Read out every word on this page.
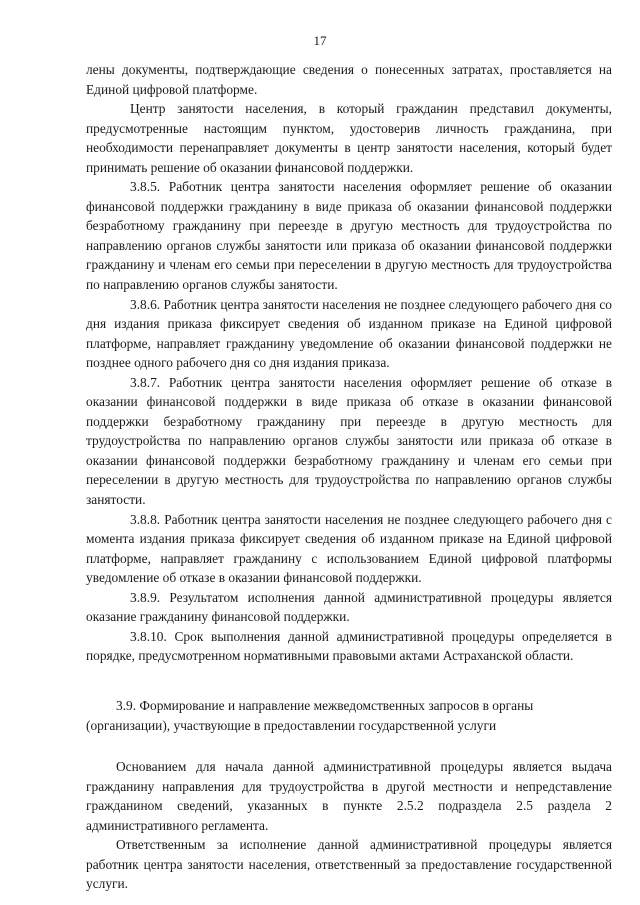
17

лены документы, подтверждающие сведения о понесенных затратах, проставляется на Единой цифровой платформе.

Центр занятости населения, в который гражданин представил документы, предусмотренные настоящим пунктом, удостоверив личность гражданина, при необходимости перенаправляет документы в центр занятости населения, который будет принимать решение об оказании финансовой поддержки.

3.8.5. Работник центра занятости населения оформляет решение об оказании финансовой поддержки гражданину в виде приказа об оказании финансовой поддержки безработному гражданину при переезде в другую местность для трудоустройства по направлению органов службы занятости или приказа об оказании финансовой поддержки гражданину и членам его семьи при переселении в другую местность для трудоустройства по направлению органов службы занятости.

3.8.6. Работник центра занятости населения не позднее следующего рабочего дня со дня издания приказа фиксирует сведения об изданном приказе на Единой цифровой платформе, направляет гражданину уведомление об оказании финансовой поддержки не позднее одного рабочего дня со дня издания приказа.

3.8.7. Работник центра занятости населения оформляет решение об отказе в оказании финансовой поддержки в виде приказа об отказе в оказании финансовой поддержки безработному гражданину при переезде в другую местность для трудоустройства по направлению органов службы занятости или приказа об отказе в оказании финансовой поддержки безработному гражданину и членам его семьи при переселении в другую местность для трудоустройства по направлению органов службы занятости.

3.8.8. Работник центра занятости населения не позднее следующего рабочего дня с момента издания приказа фиксирует сведения об изданном приказе на Единой цифровой платформе, направляет гражданину с использованием Единой цифровой платформы уведомление об отказе в оказании финансовой поддержки.

3.8.9. Результатом исполнения данной административной процедуры является оказание гражданину финансовой поддержки.

3.8.10. Срок выполнения данной административной процедуры определяется в порядке, предусмотренном нормативными правовыми актами Астраханской области.

3.9. Формирование и направление межведомственных запросов в органы (организации), участвующие в предоставлении государственной услуги

Основанием для начала данной административной процедуры является выдача гражданину направления для трудоустройства в другой местности и непредставление гражданином сведений, указанных в пункте 2.5.2 подраздела 2.5 раздела 2 административного регламента.

Ответственным за исполнение данной административной процедуры является работник центра занятости населения, ответственный за предоставление государственной услуги.
